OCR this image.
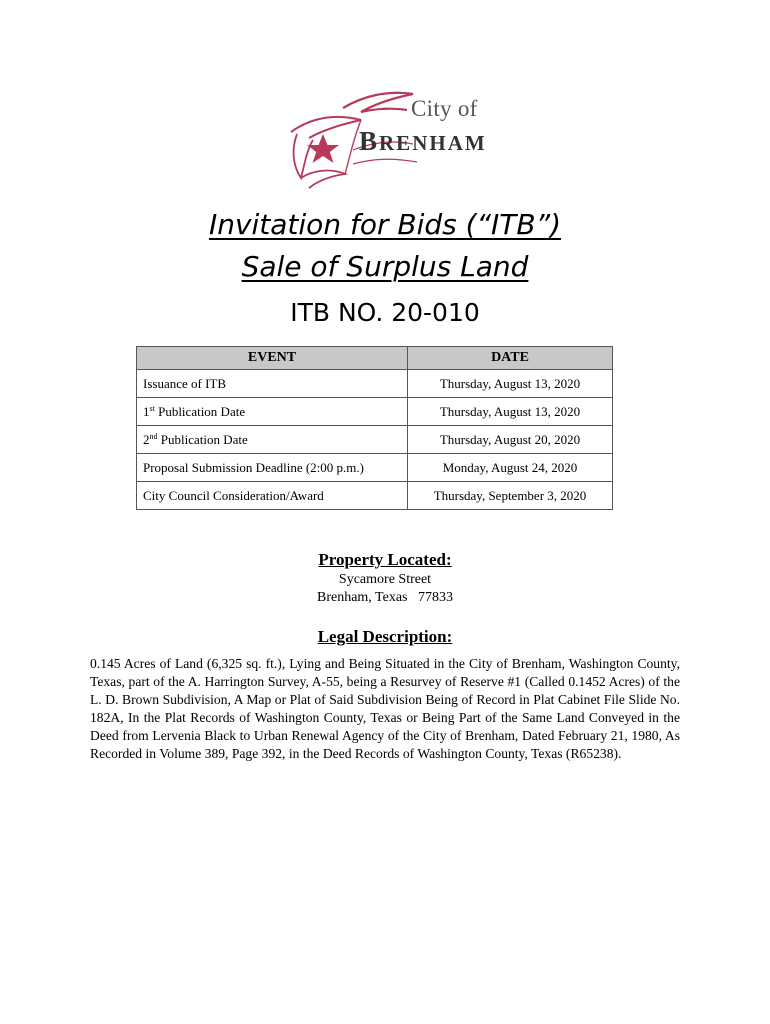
City of
BRENHAM
Invitation for Bids (“ITB”)
Sale of Surplus Land
ITB NO. 20-010
EVENT	DATE
Issuance of ITB	Thursday, August 13, 2020
1st Publication Date	Thursday, August 13, 2020
2nd Publication Date	Thursday, August 20, 2020
Proposal Submission Deadline (2:00 p.m.)	Monday, August 24, 2020
City Council Consideration/Award	Thursday, September 3, 2020
Property Located:
Sycamore Street
Brenham, Texas   77833
Legal Description:
0.145 Acres of Land (6,325 sq. ft.), Lying and Being Situated in the City of Brenham, Washington County, Texas, part of the A. Harrington Survey, A-55, being a Resurvey of Reserve #1 (Called 0.1452 Acres) of the L. D. Brown Subdivision, A Map or Plat of Said Subdivision Being of Record in Plat Cabinet File Slide No. 182A, In the Plat Records of Washington County, Texas or Being Part of the Same Land Conveyed in the Deed from Lervenia Black to Urban Renewal Agency of the City of Brenham, Dated February 21, 1980, As Recorded in Volume 389, Page 392, in the Deed Records of Washington County, Texas (R65238).
